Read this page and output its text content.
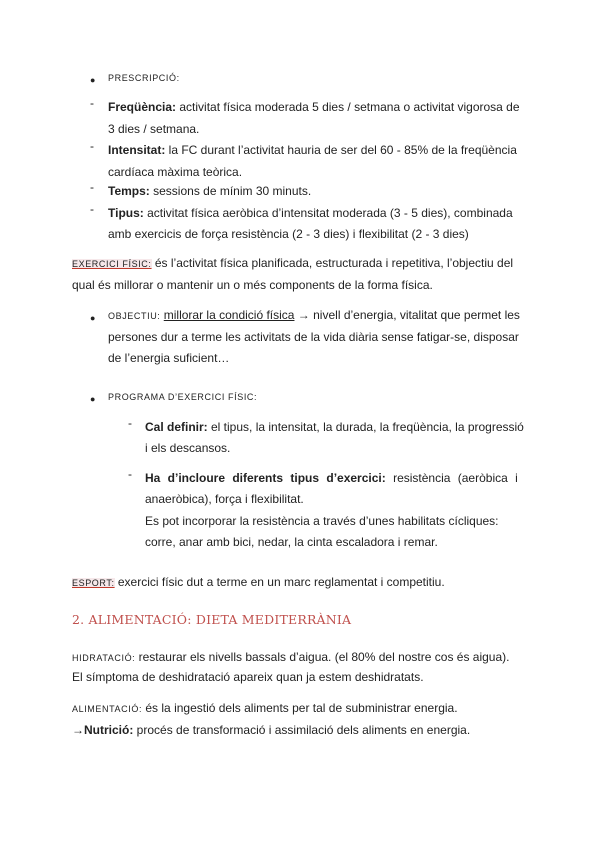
● PRESCRIPCIÓ:
- Freqüència: activitat física moderada 5 dies / setmana o activitat vigorosa de
3 dies / setmana.
- Intensitat: la FC durant l’activitat hauria de ser del 60 - 85% de la freqüència
cardíaca màxima teòrica.
- Temps: sessions de mínim 30 minuts.
- Tipus: activitat física aeròbica d’intensitat moderada (3 - 5 dies), combinada
amb exercicis de força resistència (2 - 3 dies) i flexibilitat (2 - 3 dies)
EXERCICI FÍSIC: és l’activitat física planificada, estructurada i repetitiva, l’objectiu del
qual és millorar o mantenir un o més components de la forma física.
● OBJECTIU: millorar la condició física → nivell d’energia, vitalitat que permet les
persones dur a terme les activitats de la vida diària sense fatigar-se, disposar
de l’energia suficient…
● PROGRAMA D’EXERCICI FÍSIC:
- Cal definir: el tipus, la intensitat, la durada, la freqüència, la progressió
i els descansos.
- Ha d’incloure diferents tipus d’exercici: resistència (aeròbica i
anaeròbica), força i flexibilitat.
Es pot incorporar la resistència a través d’unes habilitats cícliques:
corre, anar amb bici, nedar, la cinta escaladora i remar.
ESPORT: exercici físic dut a terme en un marc reglamentat i competitiu.
2. ALIMENTACIÓ: DIETA MEDITERRÀNIA
HIDRATACIÓ: restaurar els nivells bassals d’aigua. (el 80% del nostre cos és aigua).
El símptoma de deshidratació apareix quan ja estem deshidratats.
ALIMENTACIÓ: és la ingestió dels aliments per tal de subministrar energia.
→Nutrició: procés de transformació i assimilació dels aliments en energia.
